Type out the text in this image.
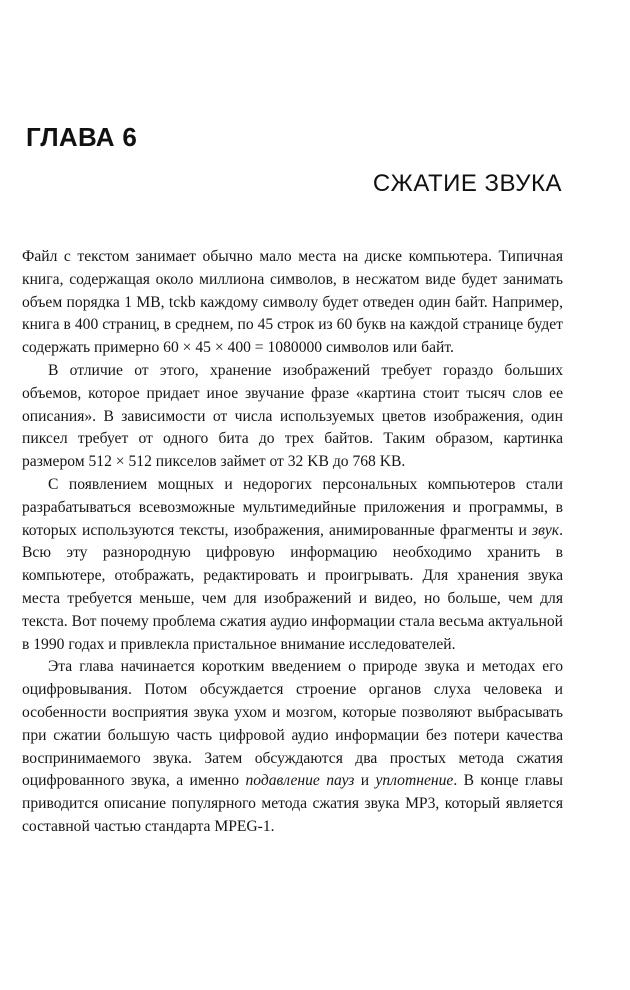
ГЛАВА 6
СЖАТИЕ ЗВУКА

Файл с текстом занимает обычно мало места на диске компьютера. Типичная книга, содержащая около миллиона символов, в несжатом виде будет занимать объем порядка 1 MB, tckb каждому символу будет отведен один байт. Например, книга в 400 страниц, в среднем, по 45 строк из 60 букв на каждой странице будет содержать примерно 60 × 45 × 400 = 1080000 символов или байт.

В отличие от этого, хранение изображений требует гораздо больших объемов, которое придает иное звучание фразе «картина стоит тысяч слов ее описания». В зависимости от числа используемых цветов изображения, один пиксел требует от одного бита до трех байтов. Таким образом, картинка размером 512 × 512 пикселов займет от 32 KB до 768 KB.

С появлением мощных и недорогих персональных компьютеров стали разрабатываться всевозможные мультимедийные приложения и программы, в которых используются тексты, изображения, анимированные фрагменты и звук. Всю эту разнородную цифровую информацию необходимо хранить в компьютере, отображать, редактировать и проигрывать. Для хранения звука места требуется меньше, чем для изображений и видео, но больше, чем для текста. Вот почему проблема сжатия аудио информации стала весьма актуальной в 1990 годах и привлекла пристальное внимание исследователей.

Эта глава начинается коротким введением о природе звука и методах его оцифровывания. Потом обсуждается строение органов слуха человека и особенности восприятия звука ухом и мозгом, которые позволяют выбрасывать при сжатии большую часть цифровой аудио информации без потери качества воспринимаемого звука. Затем обсуждаются два простых метода сжатия оцифрованного звука, а именно подавление пауз и уплотнение. В конце главы приводится описание популярного метода сжатия звука MP3, который является составной частью стандарта MPEG-1.
